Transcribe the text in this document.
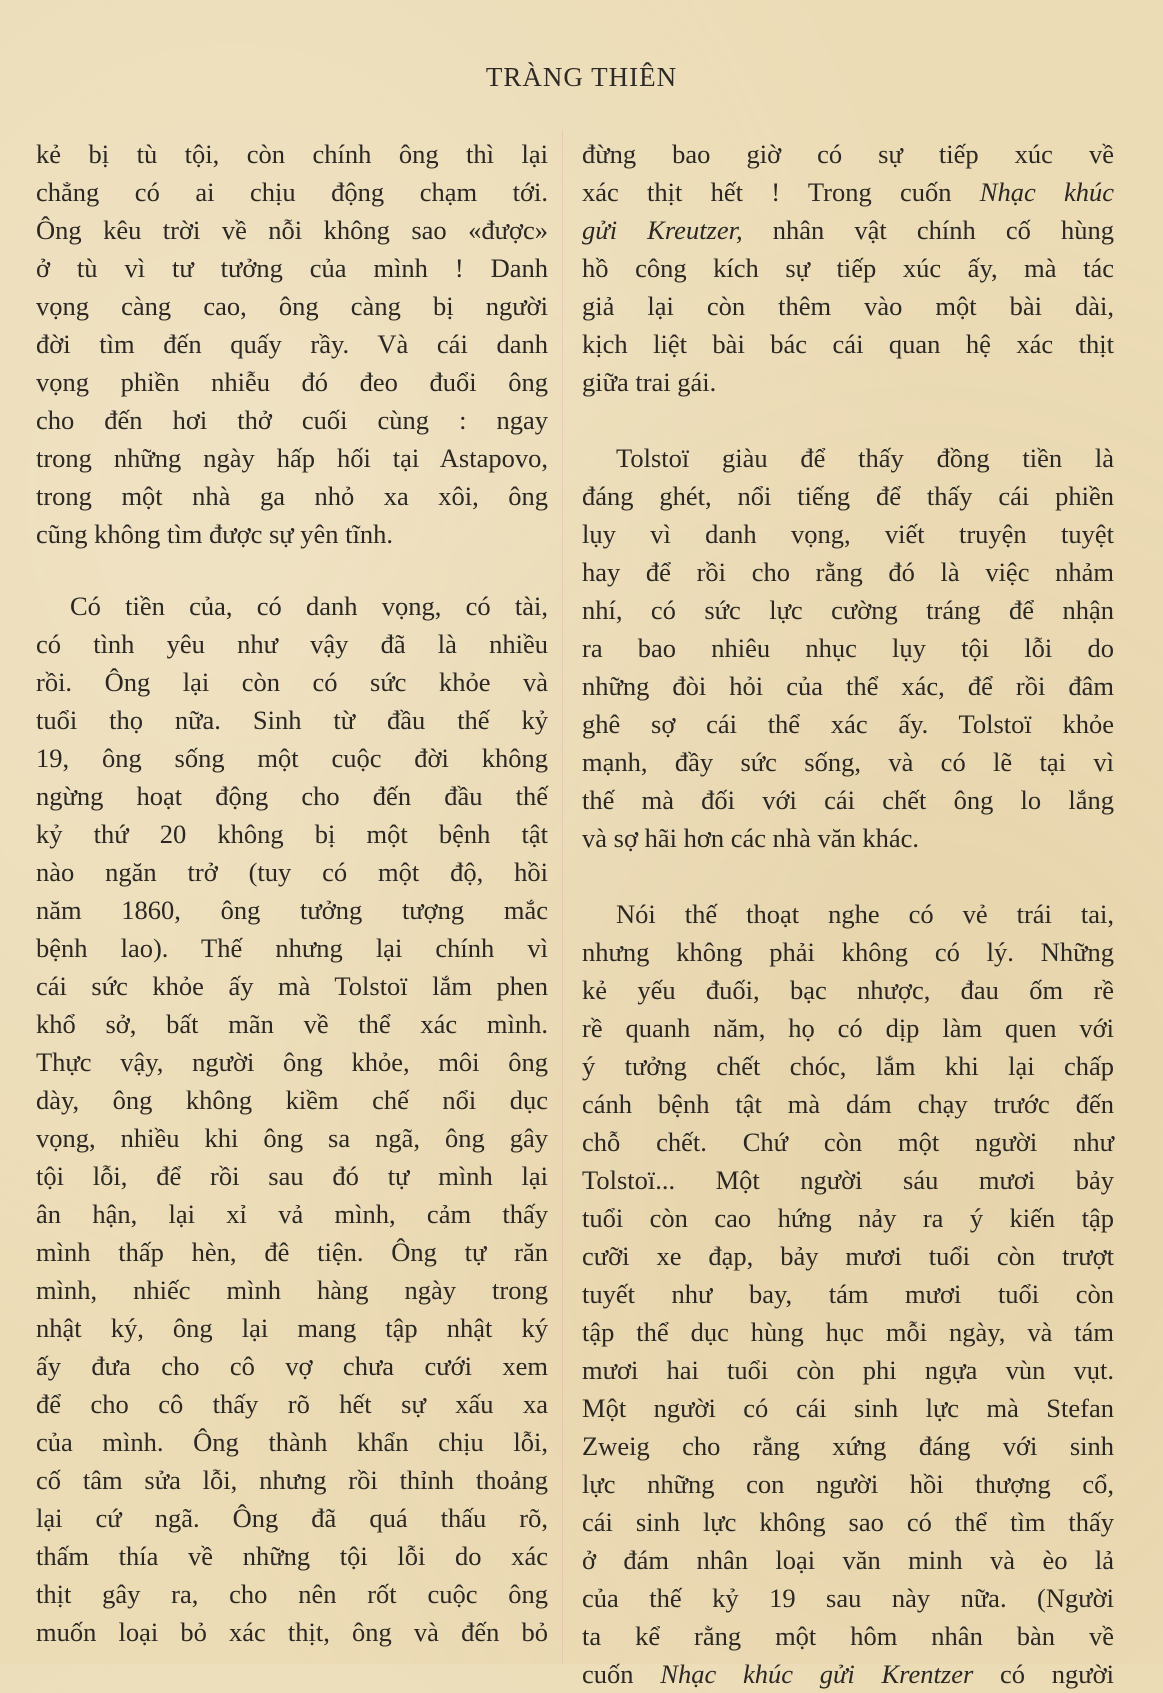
TRÀNG THIÊN
kẻ bị tù tội, còn chính ông thì lại
chẳng có ai chịu động chạm tới.
Ông kêu trời về nỗi không sao «được»
ở tù vì tư tưởng của mình ! Danh
vọng càng cao, ông càng bị người
đời tìm đến quấy rầy. Và cái danh
vọng phiền nhiễu đó đeo đuổi ông
cho đến hơi thở cuối cùng : ngay
trong những ngày hấp hối tại Astapovo,
trong một nhà ga nhỏ xa xôi, ông
cũng không tìm được sự yên tĩnh.
Có tiền của, có danh vọng, có tài,
có tình yêu như vậy đã là nhiều
rồi. Ông lại còn có sức khỏe và
tuổi thọ nữa. Sinh từ đầu thế kỷ
19, ông sống một cuộc đời không
ngừng hoạt động cho đến đầu thế
kỷ thứ 20 không bị một bệnh tật
nào ngăn trở (tuy có một độ, hồi
năm 1860, ông tưởng tượng mắc
bệnh lao). Thế nhưng lại chính vì
cái sức khỏe ấy mà Tolstoï lắm phen
khổ sở, bất mãn về thể xác mình.
Thực vậy, người ông khỏe, môi ông
dày, ông không kiềm chế nổi dục
vọng, nhiều khi ông sa ngã, ông gây
tội lỗi, để rồi sau đó tự mình lại
ân hận, lại xỉ vả mình, cảm thấy
mình thấp hèn, đê tiện. Ông tự răn
mình, nhiếc mình hàng ngày trong
nhật ký, ông lại mang tập nhật ký
ấy đưa cho cô vợ chưa cưới xem
để cho cô thấy rõ hết sự xấu xa
của mình. Ông thành khẩn chịu lỗi,
cố tâm sửa lỗi, nhưng rồi thỉnh thoảng
lại cứ ngã. Ông đã quá thấu rõ,
thấm thía về những tội lỗi do xác
thịt gây ra, cho nên rốt cuộc ông
muốn loại bỏ xác thịt, ông và đến bỏ
đừng bao giờ có sự tiếp xúc về
xác thịt hết ! Trong cuốn Nhạc khúc
gửi Kreutzer, nhân vật chính cố hùng
hồ công kích sự tiếp xúc ấy, mà tác
giả lại còn thêm vào một bài dài,
kịch liệt bài bác cái quan hệ xác thịt
giữa trai gái.
Tolstoï giàu để thấy đồng tiền là
đáng ghét, nổi tiếng để thấy cái phiền
lụy vì danh vọng, viết truyện tuyệt
hay để rồi cho rằng đó là việc nhảm
nhí, có sức lực cường tráng để nhận
ra bao nhiêu nhục lụy tội lỗi do
những đòi hỏi của thể xác, để rồi đâm
ghê sợ cái thể xác ấy. Tolstoï khỏe
mạnh, đầy sức sống, và có lẽ tại vì
thế mà đối với cái chết ông lo lắng
và sợ hãi hơn các nhà văn khác.
Nói thế thoạt nghe có vẻ trái tai,
nhưng không phải không có lý. Những
kẻ yếu đuối, bạc nhược, đau ốm rề
rề quanh năm, họ có dịp làm quen với
ý tưởng chết chóc, lắm khi lại chấp
cánh bệnh tật mà dám chạy trước đến
chỗ chết. Chứ còn một người như
Tolstoï... Một người sáu mươi bảy
tuổi còn cao hứng nảy ra ý kiến tập
cưỡi xe đạp, bảy mươi tuổi còn trượt
tuyết như bay, tám mươi tuổi còn
tập thể dục hùng hục mỗi ngày, và tám
mươi hai tuổi còn phi ngựa vùn vụt.
Một người có cái sinh lực mà Stefan
Zweig cho rằng xứng đáng với sinh
lực những con người hồi thượng cổ,
cái sinh lực không sao có thể tìm thấy
ở đám nhân loại văn minh và èo lả
của thế kỷ 19 sau này nữa. (Người
ta kể rằng một hôm nhân bàn về
cuốn Nhạc khúc gửi Krentzer có người
